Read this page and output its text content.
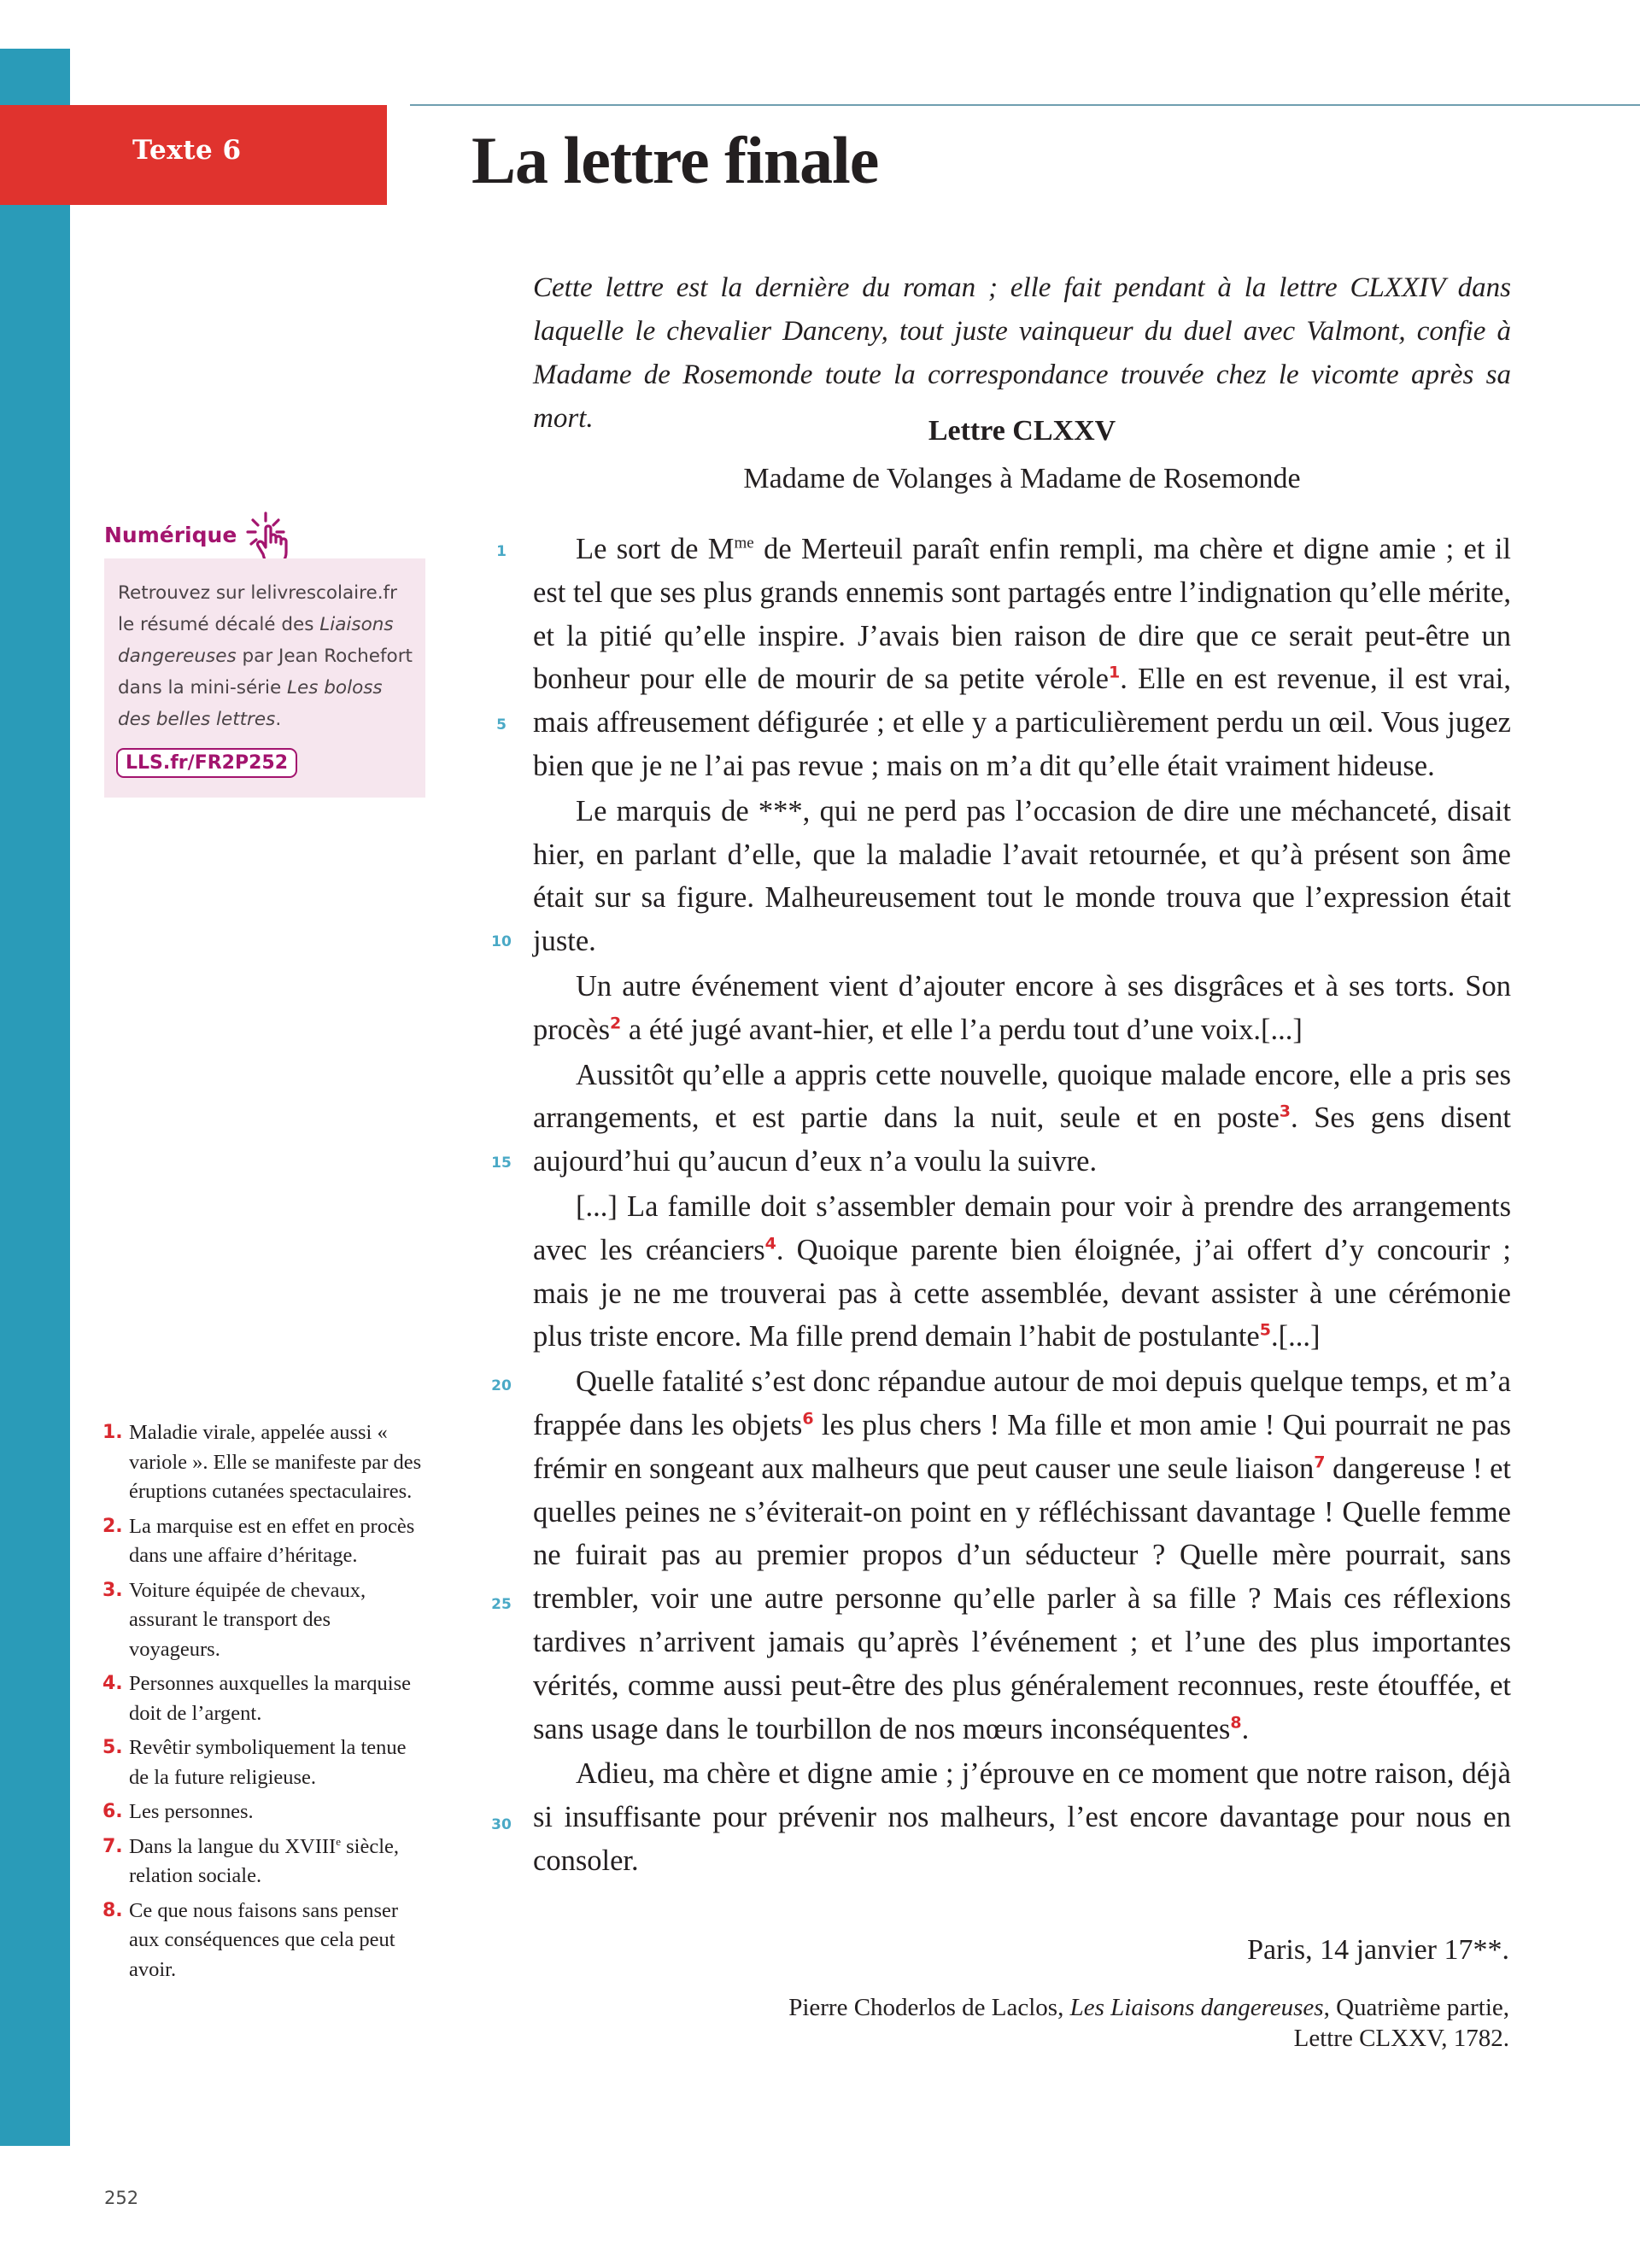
Texte 6	La lettre finale

Cette lettre est la dernière du roman ; elle fait pendant à la lettre CLXXIV dans laquelle le chevalier Danceny, tout juste vainqueur du duel avec Valmont, confie à Madame de Rosemonde toute la correspondance trouvée chez le vicomte après sa mort.	Lettre CLXXV

Madame de Volanges à Madame de Rosemonde

1
5
10
15
20
25
30

Le sort de $M^{me}$ de Merteuil paraît enfin rempli, ma chère et digne amie ; et il est tel que ses plus grands ennemis sont partagés entre l’indignation qu’elle mérite, et la pitié qu’elle inspire. J’avais bien raison de dire que ce serait peut-être un bonheur pour elle de mourir de sa petite vérole$^1$. Elle en est revenue, il est vrai, mais affreusement défigurée ; et elle y a particulièrement perdu un œil. Vous jugez bien que je ne l’ai pas revue ; mais on m’a dit qu’elle était vraiment hideuse.

Le marquis de ***, qui ne perd pas l’occasion de dire une méchanceté, disait hier, en parlant d’elle, que la maladie l’avait retournée, et qu’à présent son âme était sur sa figure. Malheureusement tout le monde trouva que l’expression était juste.

Un autre événement vient d’ajouter encore à ses disgrâces et à ses torts. Son procès$^2$ a été jugé avant-hier, et elle l’a perdu tout d’une voix.[...]

Aussitôt qu’elle a appris cette nouvelle, quoique malade encore, elle a pris ses arrangements, et est partie dans la nuit, seule et en poste$^3$. Ses gens disent aujourd’hui qu’aucun d’eux n’a voulu la suivre.

[...] La famille doit s’assembler demain pour voir à prendre des arrangements avec les créanciers$^4$. Quoique parente bien éloignée, j’ai offert d’y concourir ; mais je ne me trouverai pas à cette assemblée, devant assister à une cérémonie plus triste encore. Ma fille prend demain l’habit de postulante$^5$.[...]

Quelle fatalité s’est donc répandue autour de moi depuis quelque temps, et m’a frappée dans les objets$^6$ les plus chers ! Ma fille et mon amie ! Qui pourrait ne pas frémir en songeant aux malheurs que peut causer une seule liaison$^7$ dangereuse ! et quelles peines ne s’éviterait-on point en y réfléchissant davantage ! Quelle femme ne fuirait pas au premier propos d’un séducteur ? Quelle mère pourrait, sans trembler, voir une autre personne qu’elle parler à sa fille ? Mais ces réflexions tardives n’arrivent jamais qu’après l’événement ; et l’une des plus importantes vérités, comme aussi peut-être des plus généralement reconnues, reste étouffée, et sans usage dans le tourbillon de nos mœurs inconséquentes$^8$.

Adieu, ma chère et digne amie ; j’éprouve en ce moment que notre raison, déjà si insuffisante pour prévenir nos malheurs, l’est encore davantage pour nous en consoler.

Paris, 14 janvier 17**.

Pierre Choderlos de Laclos, Les Liaisons dangereuses, Quatrième partie,
Lettre CLXXV, 1782.

Numérique

Retrouvez sur lelivrescolaire.fr le résumé décalé des Liaisons dangereuses par Jean Rochefort dans la mini-série Les boloss des belles lettres.

LLS.fr/FR2P252
1. Maladie virale, appelée aussi « variole ». Elle se manifeste par des éruptions cutanées spectaculaires.
2. La marquise est en effet en procès dans une affaire d’héritage.
3. Voiture équipée de chevaux, assurant le transport des voyageurs.
4. Personnes auxquelles la marquise doit de l’argent.
5. Revêtir symboliquement la tenue de la future religieuse.
6. Les personnes.
7. Dans la langue du XVIIIe siècle, relation sociale.
8. Ce que nous faisons sans penser aux conséquences que cela peut avoir.
252
